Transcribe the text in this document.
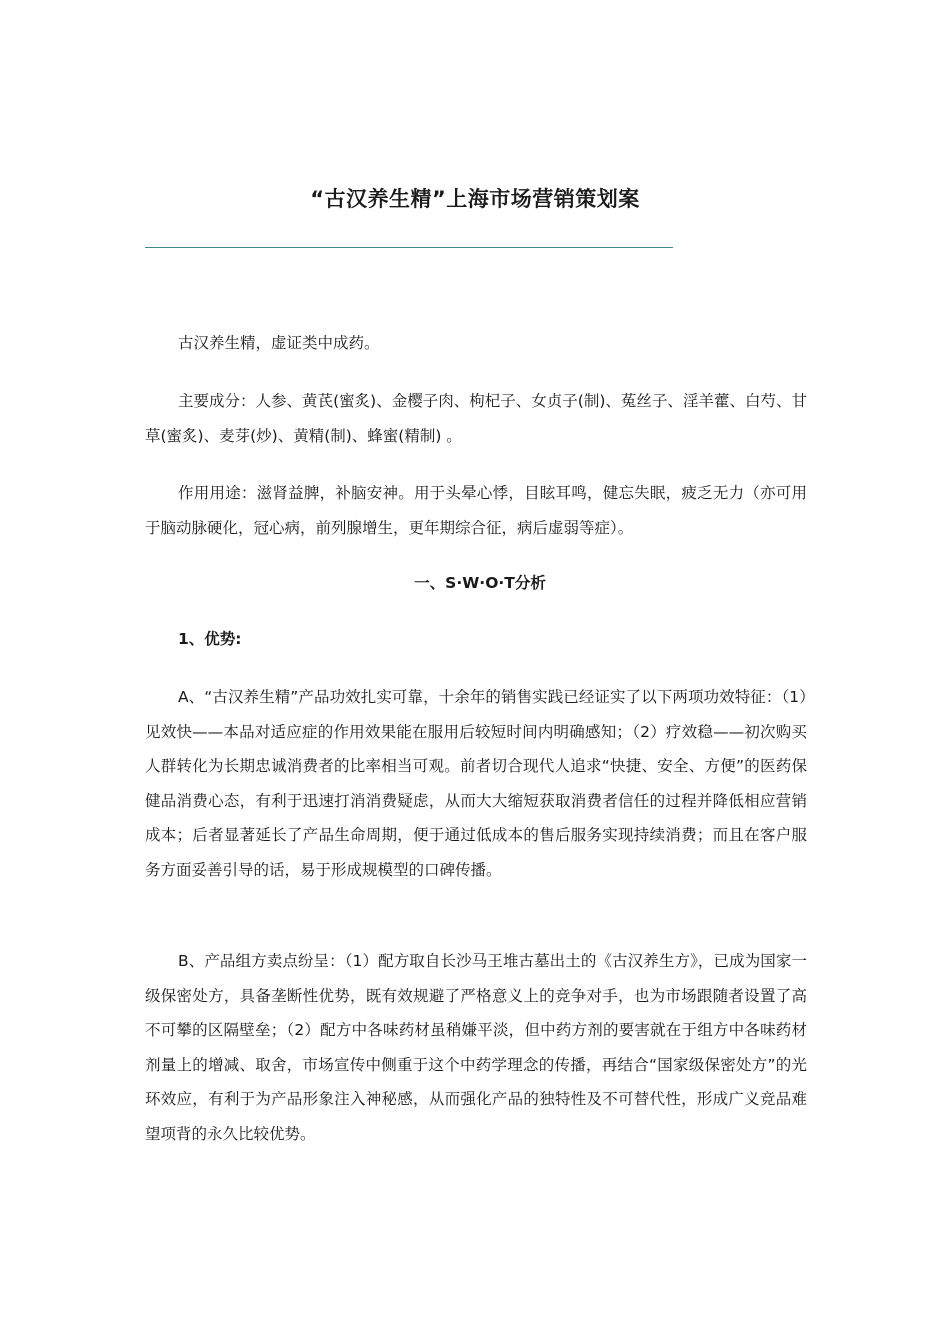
“古汉养生精”上海市场营销策划案

古汉养生精，虚证类中成药。

主要成分：人参、黄芪(蜜炙)、金樱子肉、枸杞子、女贞子(制)、菟丝子、淫羊藿、白芍、甘草(蜜炙)、麦芽(炒)、黄精(制)、蜂蜜(精制) 。

作用用途：滋肾益脾，补脑安神。用于头晕心悸，目眩耳鸣，健忘失眠，疲乏无力（亦可用于脑动脉硬化，冠心病，前列腺增生，更年期综合征，病后虚弱等症）。

一、S·W·O·T分析
1、优势:

A、“古汉养生精”产品功效扎实可靠，十余年的销售实践已经证实了以下两项功效特征：（1）见效快——本品对适应症的作用效果能在服用后较短时间内明确感知；（2）疗效稳——初次购买人群转化为长期忠诚消费者的比率相当可观。前者切合现代人追求“快捷、安全、方便”的医药保健品消费心态，有利于迅速打消消费疑虑，从而大大缩短获取消费者信任的过程并降低相应营销成本；后者显著延长了产品生命周期，便于通过低成本的售后服务实现持续消费；而且在客户服务方面妥善引导的话，易于形成规模型的口碑传播。

B、产品组方卖点纷呈：（1）配方取自长沙马王堆古墓出土的《古汉养生方》，已成为国家一级保密处方，具备垄断性优势，既有效规避了严格意义上的竞争对手，也为市场跟随者设置了高不可攀的区隔壁垒；（2）配方中各味药材虽稍嫌平淡，但中药方剂的要害就在于组方中各味药材剂量上的增减、取舍，市场宣传中侧重于这个中药学理念的传播，再结合“国家级保密处方”的光环效应，有利于为产品形象注入神秘感，从而强化产品的独特性及不可替代性，形成广义竞品难望项背的永久比较优势。
